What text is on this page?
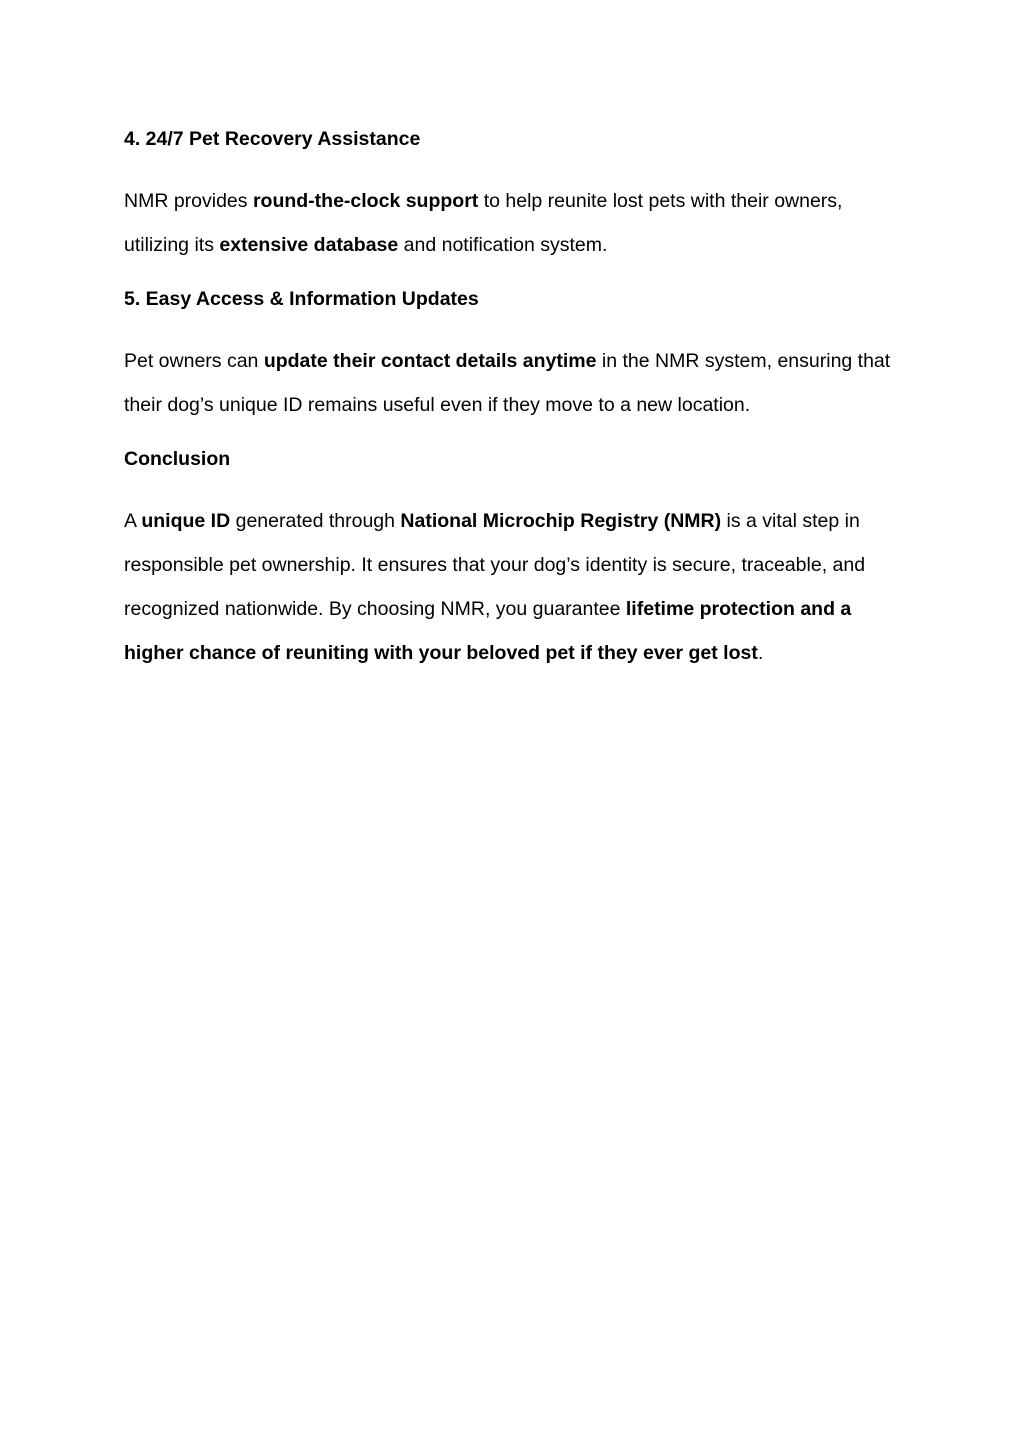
4. 24/7 Pet Recovery Assistance

NMR provides round-the-clock support to help reunite lost pets with their owners, utilizing its extensive database and notification system.

5. Easy Access & Information Updates

Pet owners can update their contact details anytime in the NMR system, ensuring that their dog’s unique ID remains useful even if they move to a new location.

Conclusion

A unique ID generated through National Microchip Registry (NMR) is a vital step in responsible pet ownership. It ensures that your dog’s identity is secure, traceable, and recognized nationwide. By choosing NMR, you guarantee lifetime protection and a higher chance of reuniting with your beloved pet if they ever get lost.
